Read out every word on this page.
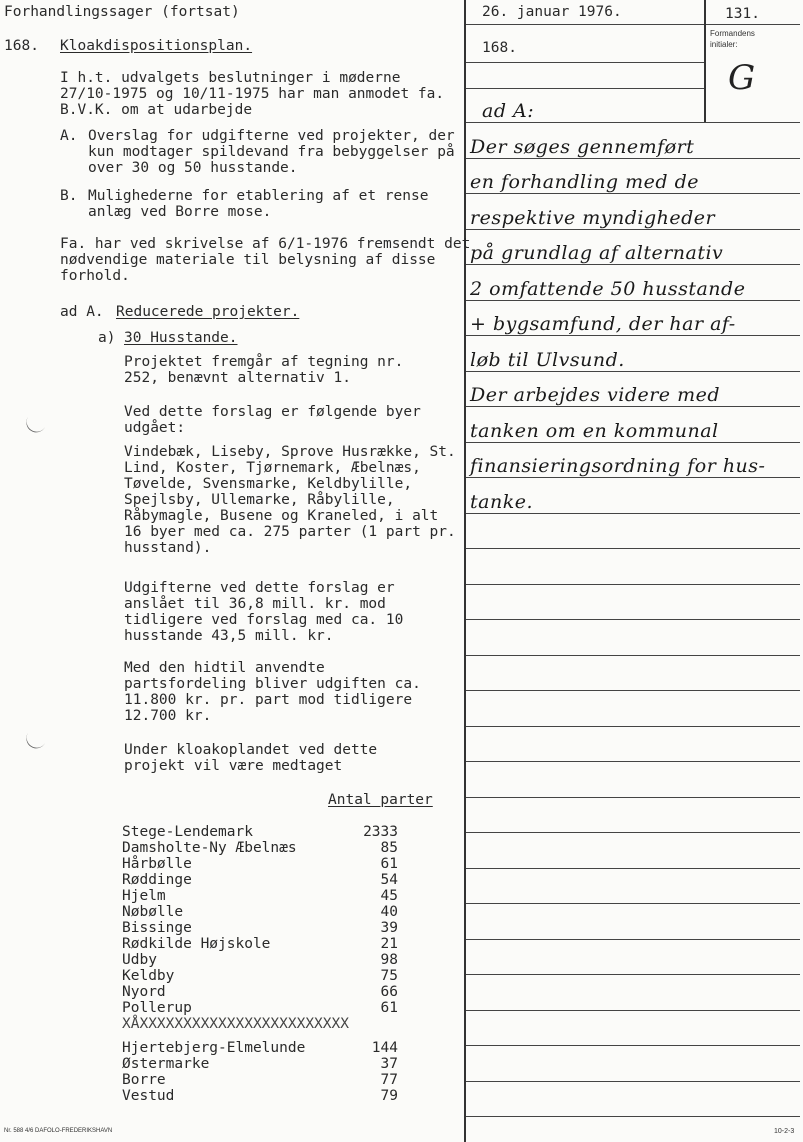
26. januar 1976.	131.
Formandens
initialer:
G
168.
ad A:
Der søges gennemført
en forhandling med de
respektive myndigheder
på grundlag af alternativ
2 omfattende 50 husstande
+ bygsamfund, der har af-
løb til Ulvsund.
Der arbejdes videre med
tanken om en kommunal
finansieringsordning for hus-
tanke.
Forhandlingssager (fortsat)
168. Kloakdispositionsplan.
I h.t. udvalgets beslutninger i møderne 27/10-1975 og 10/11-1975 har man anmodet fa. B.V.K. om at udarbejde
A. Overslag for udgifterne ved projekter, der kun modtager spildevand fra bebyggelser på over 30 og 50 husstande.
B. Mulighederne for etablering af et rense anlæg ved Borre mose.
Fa. har ved skrivelse af 6/1-1976 fremsendt det nødvendige materiale til belysning af disse forhold.
ad A. Reducerede projekter.
a) 30 Husstande.
Projektet fremgår af tegning nr. 252, benævnt alternativ 1.
Ved dette forslag er følgende byer udgået:
Vindebæk, Liseby, Sprove Husrække, St. Lind, Koster, Tjørnemark, Æbelnæs, Tøvelde, Svensmarke, Keldbylille, Spejlsby, Ullemarke, Råbylille, Råbymagle, Busene og Kraneled, i alt 16 byer med ca. 275 parter (1 part pr. husstand).
Udgifterne ved dette forslag er anslået til 36,8 mill. kr. mod tidligere ved forslag med ca. 10 husstande 43,5 mill. kr.
Med den hidtil anvendte partsfordeling bliver udgiften ca. 11.800 kr. pr. part mod tidligere 12.700 kr.
Under kloakoplandet ved dette projekt vil være medtaget
Antal parter
Stege-Lendemark	2333
Damsholte-Ny Æbelnæs	85
Hårbølle	61
Røddinge	54
Hjelm	45
Nøbølle	40
Bissinge	39
Rødkilde Højskole	21
Udby	98
Keldby	75
Nyord	66
Pollerup	61
XÅXXXXXXXXXXXXXXXXXXXXXXXX
Hjertebjerg-Elmelunde	144
Østermarke	37
Borre	77
Vestud	79
Nr. 588 4/6 DAFOLO-FREDERIKSHAVN	10-2-3
